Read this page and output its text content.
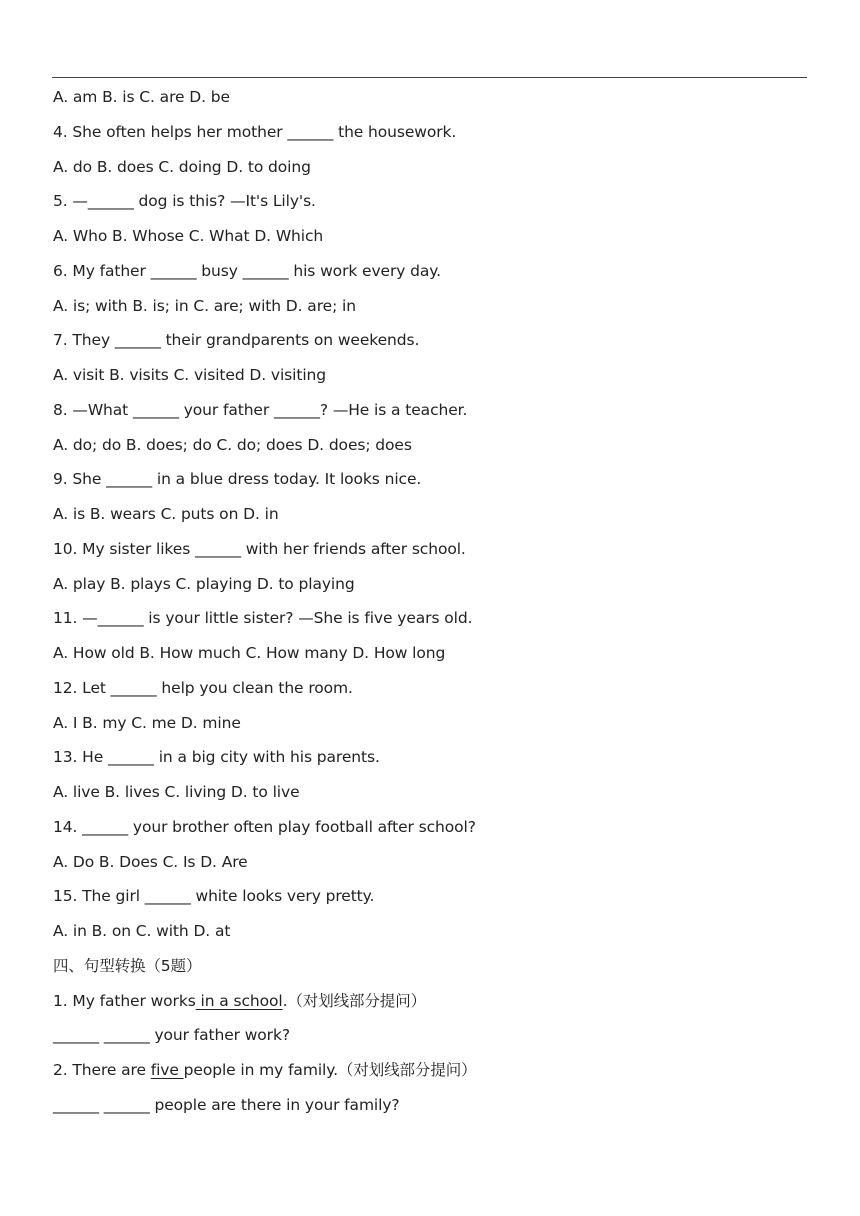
A. am B. is C. are D. be
4. She often helps her mother ______ the housework.
A. do B. does C. doing D. to doing
5. —______ dog is this? —It's Lily's.
A. Who B. Whose C. What D. Which
6. My father ______ busy ______ his work every day.
A. is; with B. is; in C. are; with D. are; in
7. They ______ their grandparents on weekends.
A. visit B. visits C. visited D. visiting
8. —What ______ your father ______? —He is a teacher.
A. do; do B. does; do C. do; does D. does; does
9. She ______ in a blue dress today. It looks nice.
A. is B. wears C. puts on D. in
10. My sister likes ______ with her friends after school.
A. play B. plays C. playing D. to playing
11. —______ is your little sister? —She is five years old.
A. How old B. How much C. How many D. How long
12. Let ______ help you clean the room.
A. I B. my C. me D. mine
13. He ______ in a big city with his parents.
A. live B. lives C. living D. to live
14. ______ your brother often play football after school?
A. Do B. Does C. Is D. Are
15. The girl ______ white looks very pretty.
A. in B. on C. with D. at
四、句型转换（5题）
1. My father works in a school.（对划线部分提问）
______ ______ your father work?
2. There are five people in my family.（对划线部分提问）
______ ______ people are there in your family?
